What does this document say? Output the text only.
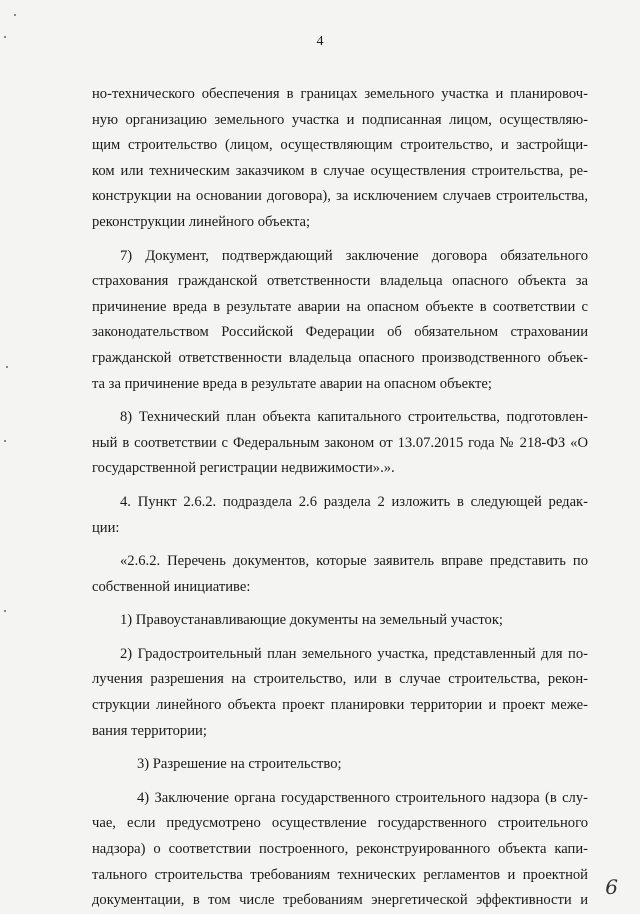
4
но-технического обеспечения в границах земельного участка и планировоч-
ную организацию земельного участка и подписанная лицом, осуществляю-
щим строительство (лицом, осуществляющим строительство, и застройщи-
ком или техническим заказчиком в случае осуществления строительства, ре-
конструкции на основании договора), за исключением случаев строительства,
реконструкции линейного объекта;
7) Документ, подтверждающий заключение договора обязательного
страхования гражданской ответственности владельца опасного объекта за
причинение вреда в результате аварии на опасном объекте в соответствии с
законодательством Российской Федерации об обязательном страховании
гражданской ответственности владельца опасного производственного объек-
та за причинение вреда в результате аварии на опасном объекте;
8) Технический план объекта капитального строительства, подготовлен-
ный в соответствии с Федеральным законом от 13.07.2015 года № 218-ФЗ «О
государственной регистрации недвижимости».».
4. Пункт 2.6.2. подраздела 2.6 раздела 2 изложить в следующей редак-
ции:
«2.6.2. Перечень документов, которые заявитель вправе представить по
собственной инициативе:
1) Правоустанавливающие документы на земельный участок;
2) Градостроительный план земельного участка, представленный для по-
лучения разрешения на строительство, или в случае строительства, рекон-
струкции линейного объекта проект планировки территории и проект меже-
вания территории;
3) Разрешение на строительство;
4) Заключение органа государственного строительного надзора (в слу-
чае, если предусмотрено осуществление государственного строительного
надзора) о соответствии построенного, реконструированного объекта капи-
тального строительства требованиям технических регламентов и проектной
документации, в том числе требованиям энергетической эффективности и
6
